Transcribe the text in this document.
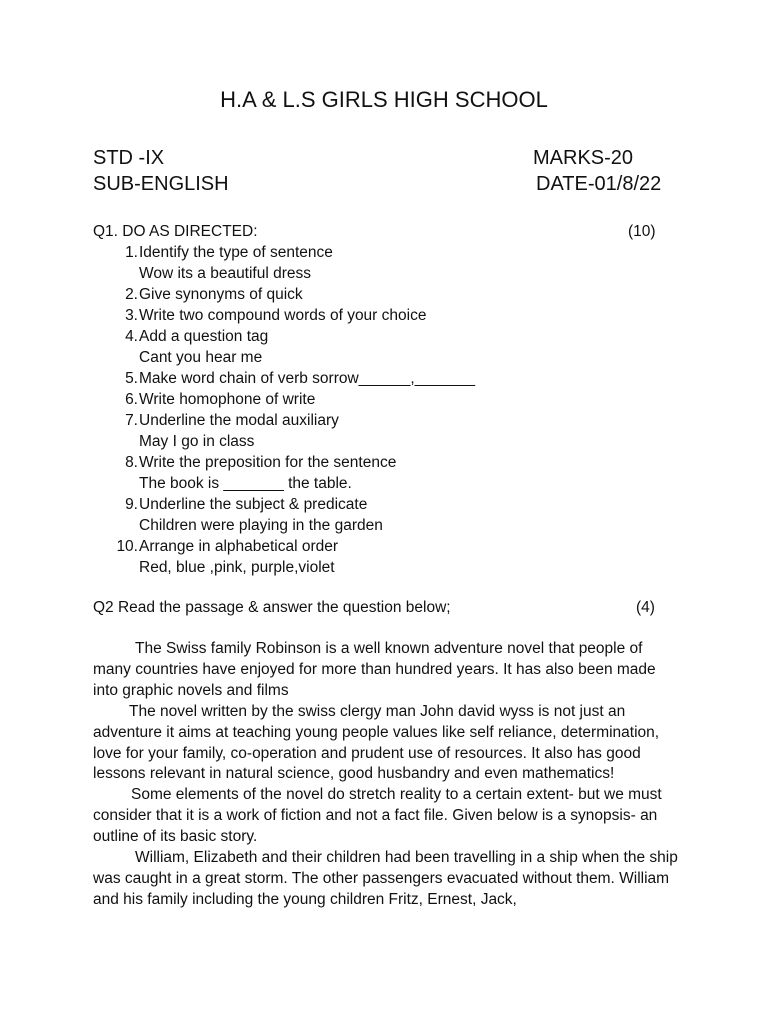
H.A & L.S GIRLS HIGH SCHOOL
STD -IX	MARKS-20
SUB-ENGLISH	DATE-01/8/22
Q1. DO AS DIRECTED:	(10)
1. Identify the type of sentence
Wow its a beautiful dress
2. Give synonyms of quick
3. Write two compound words of your choice
4. Add a question tag
Cant you hear me
5. Make word chain of verb sorrow______,_______
6. Write homophone of write
7. Underline the modal auxiliary
May I go in class
8. Write the preposition for the sentence
The book is _______ the table.
9. Underline the subject & predicate
Children were playing in the garden
10. Arrange in alphabetical order
Red, blue ,pink, purple,violet
Q2 Read the passage & answer the question below;	(4)

The Swiss family Robinson is a well known adventure novel that people of many countries have enjoyed for more than hundred years. It has also been made into graphic novels and films

The novel written by the swiss clergy man John david wyss is not just an adventure it aims at teaching young people values like self reliance, determination, love for your family, co-operation and prudent use of resources. It also has good lessons relevant in natural science, good husbandry and even mathematics!

Some elements of the novel do stretch reality to a certain extent- but we must consider that it is a work of fiction and not a fact file. Given below is a synopsis- an outline of its basic story.

William, Elizabeth and their children had been travelling in a ship when the ship was caught in a great storm. The other passengers evacuated without them. William and his family including the young children Fritz, Ernest, Jack,
